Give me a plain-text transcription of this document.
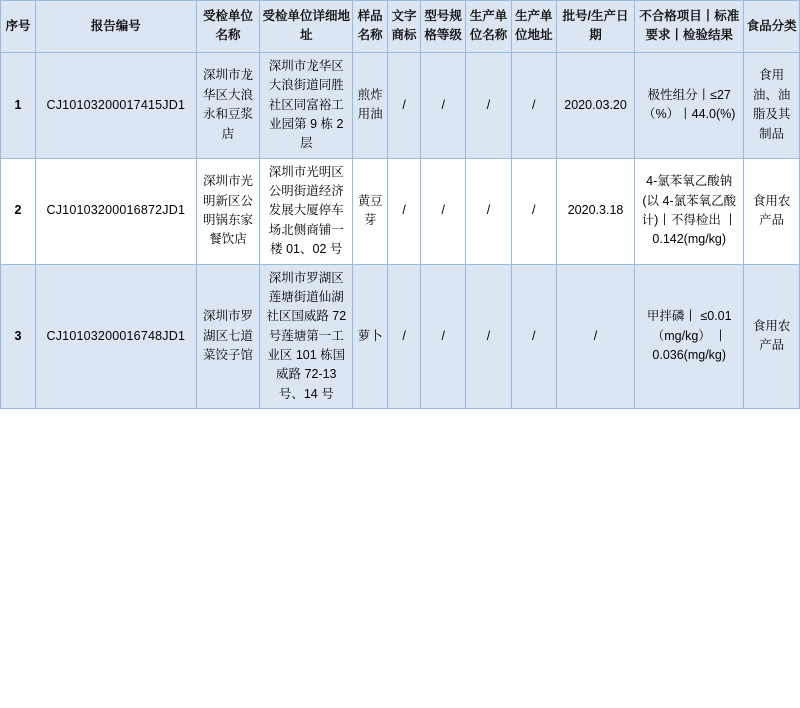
序号	报告编号	受检单位名称	受检单位详细地址	样品名称	文字商标	型号规格等级	生产单位名称	生产单位地址	批号/生产日期	不合格项目丨标准要求丨检验结果	食品分类
1	CJ10103200017415JD1	深圳市龙华区大浪永和豆浆店	深圳市龙华区大浪街道同胜社区同富裕工业园第 9 栋 2 层	煎炸用油	/	/	/	/	2020.03.20	极性组分丨≤27（%）丨44.0(%)	食用油、油脂及其制品
2	CJ10103200016872JD1	深圳市光明新区公明锅东家餐饮店	深圳市光明区公明街道经济发展大厦停车场北侧商铺一楼 01、02 号	黄豆芽	/	/	/	/	2020.3.18	4-氯苯氧乙酸钠(以 4-氯苯氧乙酸计)丨不得检出 丨0.142(mg/kg)	食用农产品
3	CJ10103200016748JD1	深圳市罗湖区七道菜饺子馆	深圳市罗湖区莲塘街道仙湖社区国威路 72 号莲塘第一工业区 101 栋国威路 72-13 号、14 号	萝卜	/	/	/	/	/	甲拌磷丨 ≤0.01（mg/kg） 丨0.036(mg/kg)	食用农产品
